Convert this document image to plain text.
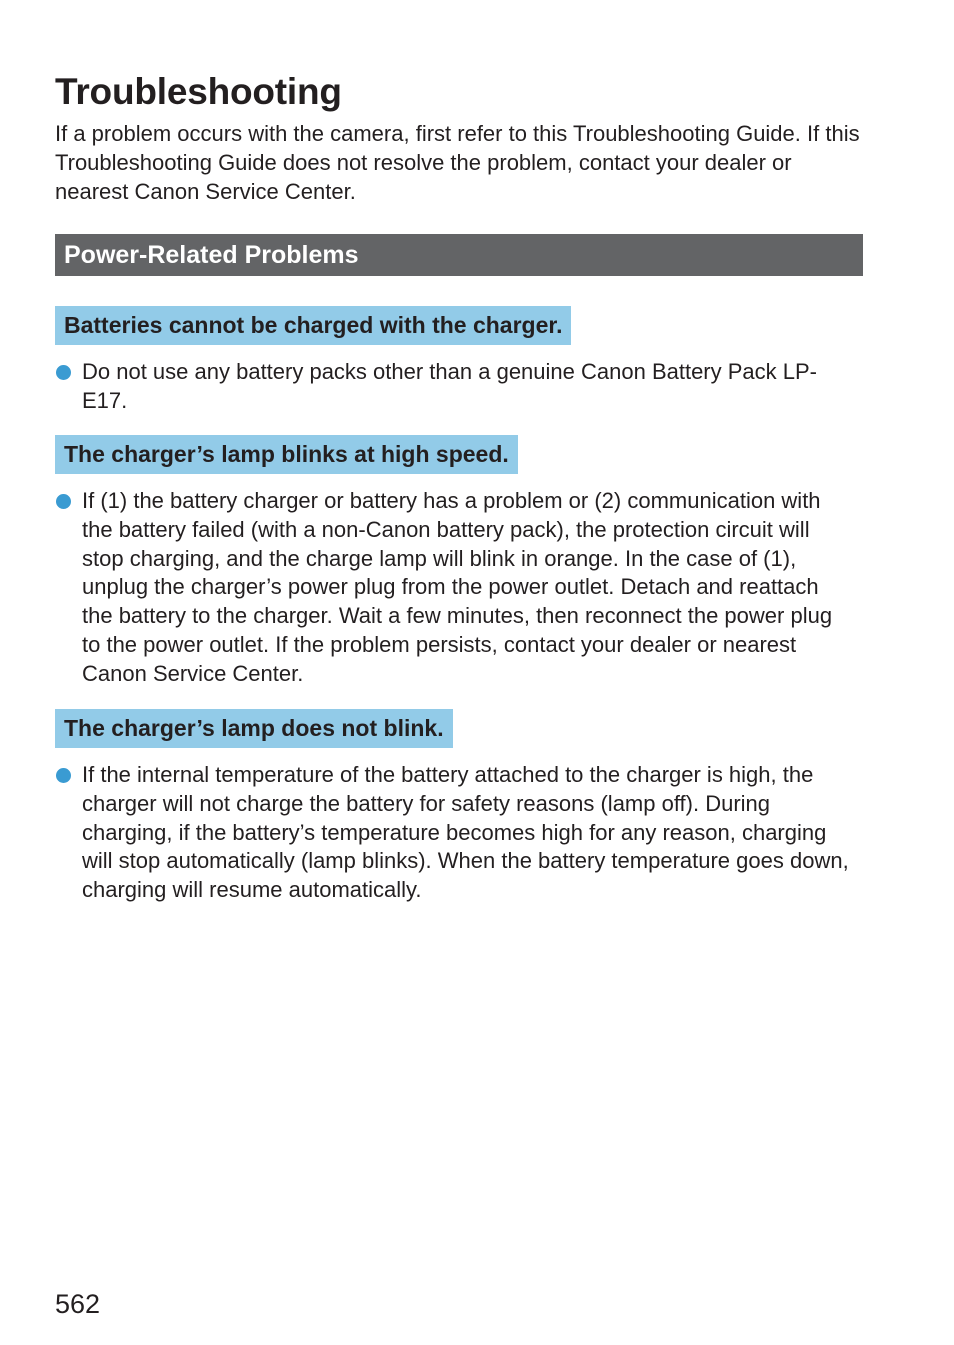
Troubleshooting

If a problem occurs with the camera, first refer to this Troubleshooting Guide. If this Troubleshooting Guide does not resolve the problem, contact your dealer or nearest Canon Service Center.

Power-Related Problems
Batteries cannot be charged with the charger.
Do not use any battery packs other than a genuine Canon Battery Pack LP-E17.
The charger’s lamp blinks at high speed.
If (1) the battery charger or battery has a problem or (2) communication with the battery failed (with a non-Canon battery pack), the protection circuit will stop charging, and the charge lamp will blink in orange. In the case of (1), unplug the charger’s power plug from the power outlet. Detach and reattach the battery to the charger. Wait a few minutes, then reconnect the power plug to the power outlet. If the problem persists, contact your dealer or nearest Canon Service Center.
The charger’s lamp does not blink.
If the internal temperature of the battery attached to the charger is high, the charger will not charge the battery for safety reasons (lamp off). During charging, if the battery’s temperature becomes high for any reason, charging will stop automatically (lamp blinks). When the battery temperature goes down, charging will resume automatically.
562
